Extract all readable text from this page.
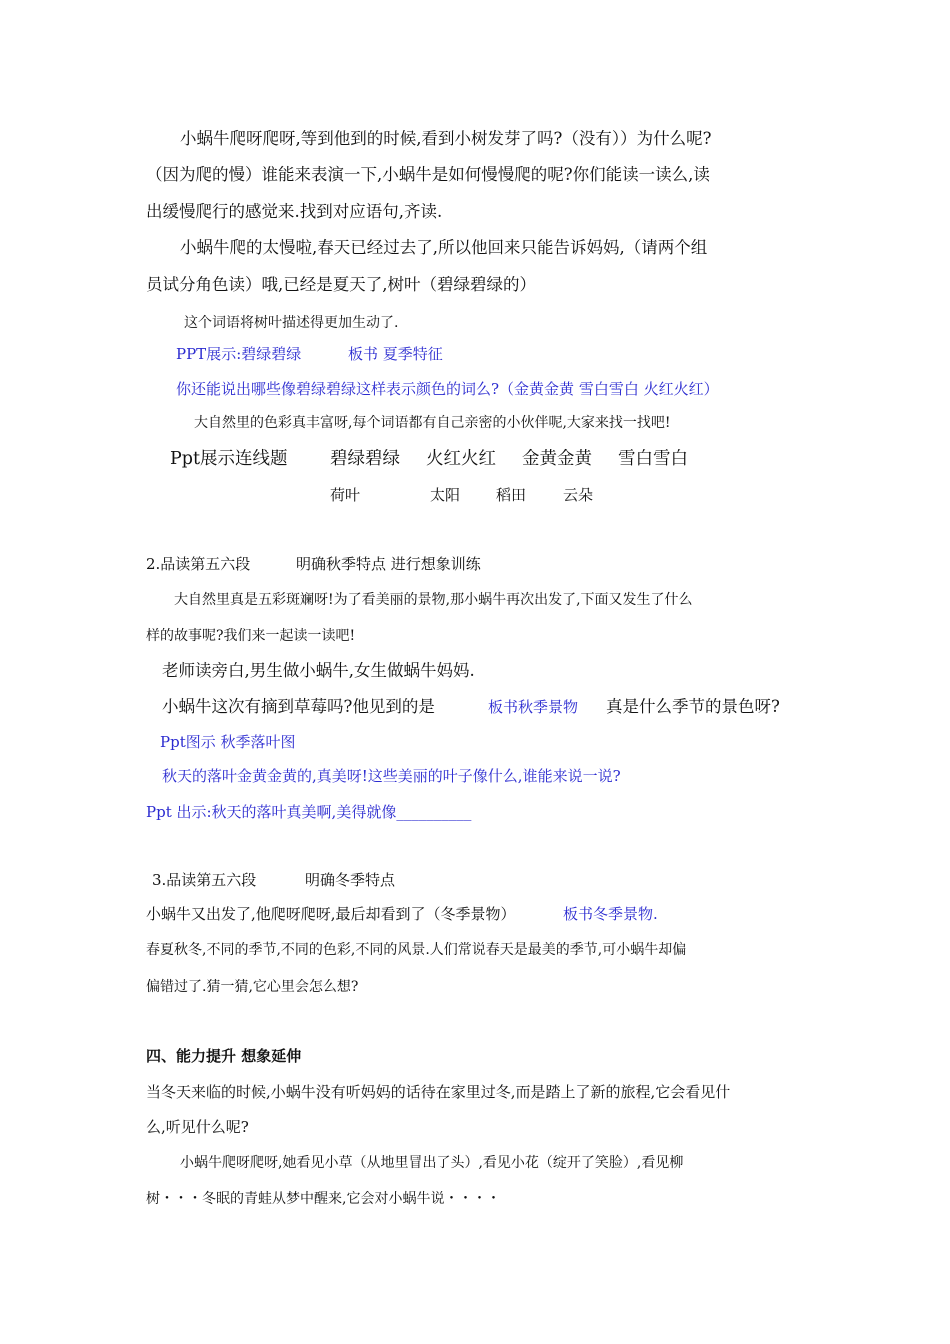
小蜗牛爬呀爬呀,等到他到的时候,看到小树发芽了吗?（没有））为什么呢?
（因为爬的慢）谁能来表演一下,小蜗牛是如何慢慢爬的呢?你们能读一读么,读
出缓慢爬行的感觉来.找到对应语句,齐读.
小蜗牛爬的太慢啦,春天已经过去了,所以他回来只能告诉妈妈,（请两个组
员试分角色读）哦,已经是夏天了,树叶（碧绿碧绿的）
这个词语将树叶描述得更加生动了.
PPT展示:碧绿碧绿	板书 夏季特征
你还能说出哪些像碧绿碧绿这样表示颜色的词么?（金黄金黄 雪白雪白 火红火红）
大自然里的色彩真丰富呀,每个词语都有自己亲密的小伙伴呢,大家来找一找吧!
Ppt展示连线题 碧绿碧绿 火红火红 金黄金黄 雪白雪白
荷叶	太阳 稻田 云朵
2.品读第五六段	明确秋季特点 进行想象训练
大自然里真是五彩斑斓呀!为了看美丽的景物,那小蜗牛再次出发了,下面又发生了什么
样的故事呢?我们来一起读一读吧!
老师读旁白,男生做小蜗牛,女生做蜗牛妈妈.
小蜗牛这次有摘到草莓吗?他见到的是	板书秋季景物 真是什么季节的景色呀?
Ppt图示 秋季落叶图
秋天的落叶金黄金黄的,真美呀!这些美丽的叶子像什么,谁能来说一说?
Ppt 出示:秋天的落叶真美啊,美得就像__________
3.品读第五六段	明确冬季特点
小蜗牛又出发了,他爬呀爬呀,最后却看到了（冬季景物）	板书冬季景物.
春夏秋冬,不同的季节,不同的色彩,不同的风景.人们常说春天是最美的季节,可小蜗牛却偏
偏错过了.猜一猜,它心里会怎么想?
四、能力提升 想象延伸
当冬天来临的时候,小蜗牛没有听妈妈的话待在家里过冬,而是踏上了新的旅程,它会看见什
么,听见什么呢?
小蜗牛爬呀爬呀,她看见小草（从地里冒出了头）,看见小花（绽开了笑脸）,看见柳
树・・・冬眠的青蛙从梦中醒来,它会对小蜗牛说・・・・
